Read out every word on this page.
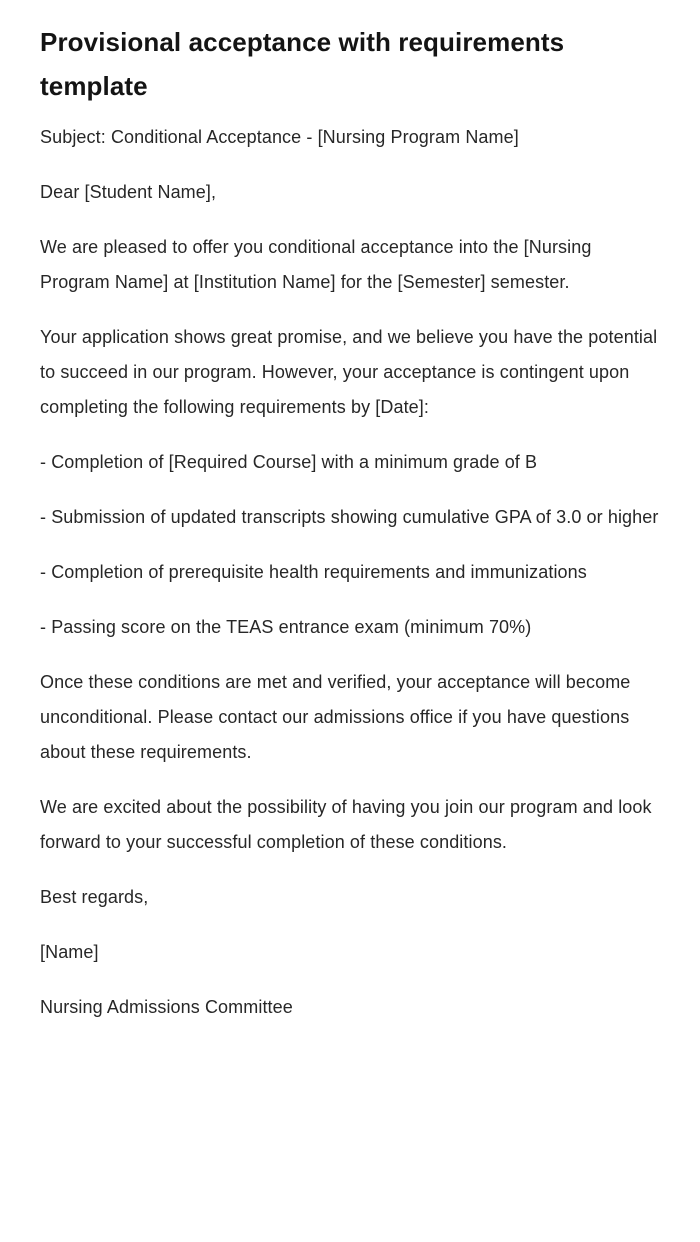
Provisional acceptance with requirements template

Subject: Conditional Acceptance - [Nursing Program Name]

Dear [Student Name],

We are pleased to offer you conditional acceptance into the [Nursing Program Name] at [Institution Name] for the [Semester] semester.

Your application shows great promise, and we believe you have the potential to succeed in our program. However, your acceptance is contingent upon completing the following requirements by [Date]:

- Completion of [Required Course] with a minimum grade of B

- Submission of updated transcripts showing cumulative GPA of 3.0 or higher

- Completion of prerequisite health requirements and immunizations

- Passing score on the TEAS entrance exam (minimum 70%)

Once these conditions are met and verified, your acceptance will become unconditional. Please contact our admissions office if you have questions about these requirements.

We are excited about the possibility of having you join our program and look forward to your successful completion of these conditions.

Best regards,

[Name]

Nursing Admissions Committee
